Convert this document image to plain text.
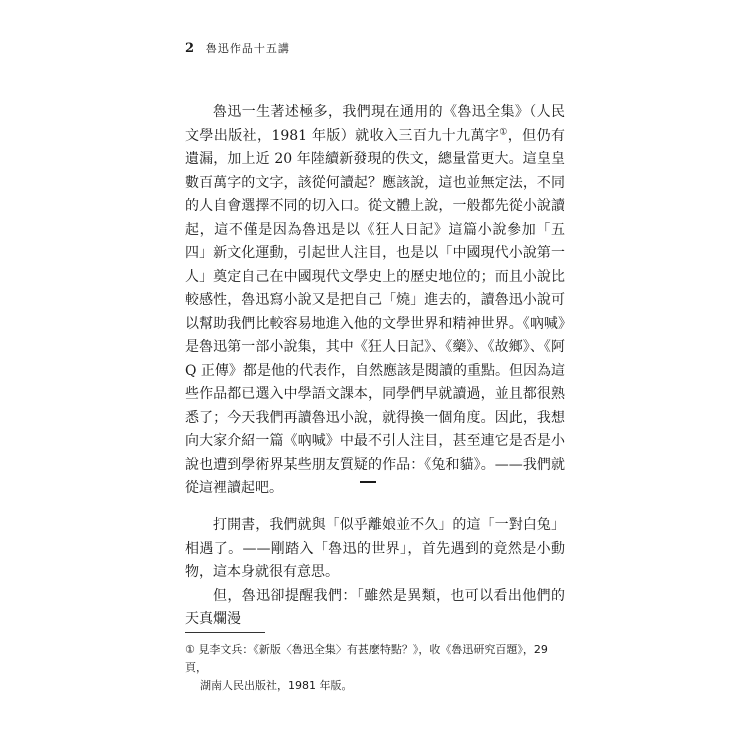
2 魯迅作品十五講

魯迅一生著述極多，我們現在通用的《魯迅全集》（人民文學出版社，1981 年版）就收入三百九十九萬字①，但仍有遺漏，加上近 20 年陸續新發現的佚文，總量當更大。這皇皇數百萬字的文字，該從何讀起？應該說，這也並無定法，不同的人自會選擇不同的切入口。從文體上說，一般都先從小說讀起，這不僅是因為魯迅是以《狂人日記》這篇小說參加「五四」新文化運動，引起世人注目，也是以「中國現代小說第一人」奠定自己在中國現代文學史上的歷史地位的；而且小說比較感性，魯迅寫小說又是把自己「燒」進去的，讀魯迅小說可以幫助我們比較容易地進入他的文學世界和精神世界。《吶喊》是魯迅第一部小說集，其中《狂人日記》、《藥》、《故鄉》、《阿 Q 正傳》都是他的代表作，自然應該是閱讀的重點。但因為這些作品都已選入中學語文課本，同學們早就讀過，並且都很熟悉了；今天我們再讀魯迅小說，就得換一個角度。因此，我想向大家介紹一篇《吶喊》中最不引人注目，甚至連它是否是小說也遭到學術界某些朋友質疑的作品：《兔和貓》。——我們就從這裡讀起吧。

打開書，我們就與「似乎離娘並不久」的這「一對白兔」相遇了。——剛踏入「魯迅的世界」，首先遇到的竟然是小動物，這本身就很有意思。

但，魯迅卻提醒我們：「雖然是異類，也可以看出他們的天真爛漫

① 見李文兵：《新版〈魯迅全集〉有甚麼特點？》，收《魯迅研究百題》，29 頁，
湖南人民出版社，1981 年版。
